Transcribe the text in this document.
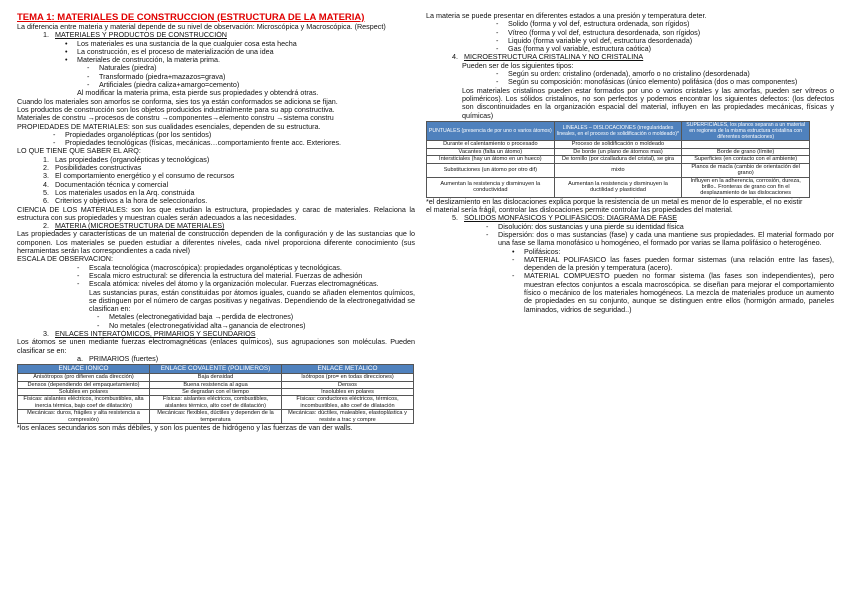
TEMA 1: MATERIALES DE CONSTRUCCION (ESTRUCTURA DE LA MATERIA)
La diferencia entre materia y material depende de su nivel de observación: Microscópica y Macroscópica. (Respect)
1. MATERIALES Y PRODUCTOS DE CONSTRUCCIÓN
• Los materiales es una sustancia de la que cualquier cosa esta hecha
• La construcción, es el proceso de materialización de una idea
• Materiales de construcción, la materia prima.
- Naturales (piedra)
- Transformado (piedra+mazazos=grava)
- Artificiales (piedra caliza+amargo=cemento)
Al modificar la materia prima, esta pierde sus propiedades y obtendrá otras.
Cuando los materiales son amorfos se conforma, sies tos ya están conformados se adiciona se fijan.
Los productos de construcción son los objetos producidos industrialmente para su app constructiva.
Materiales de constru →procesos de constru →componentes→elemento constru →sistema constru
PROPIEDADES DE MATERIALES: son sus cualidades esenciales, dependen de su estructura.
- Propiedades organolépticas (por los sentidos)
- Propiedades tecnológicas (físicas, mecánicas…comportamiento frente acc. Exteriores.
LO QUE TIENE QUE SABER EL ARQ:
1. Las propiedades (organolépticas y tecnológicas)
2. Posibilidades constructivas
3. El comportamiento energético y el consumo de recursos
4. Documentación técnica y comercial
5. Los materiales usados en la Arq. construida
6. Criterios y objetivos a la hora de seleccionarlos.
CIENCIA DE LOS MATERIALES: son los que estudian la estructura, propiedades y carac de materiales. Relaciona la estructura con sus propiedades y muestran cuales serán adecuados a las necesidades.
2. MATERIA (MICROESTRUCTURA DE MATERIALES)
Las propiedades y características de un material de construcción dependen de la configuración y de las sustancias que lo componen. Los materiales se pueden estudiar a diferentes niveles, cada nivel proporciona diferente conocimiento (sus herramientas serán las correspondientes a cada nivel)
ESCALA DE OBSERVACION:
- Escala tecnológica (macroscópica): propiedades organolépticas y tecnológicas.
- Escala micro estructural: se diferencia la estructura del material. Fuerzas de adhesión
- Escala atómica: niveles del átomo y la organización molecular. Fuerzas electromagnéticas.
Las sustancias puras, están constituidas por átomos iguales, cuando se añaden elementos químicos, se distinguen por el número de cargas positivas y negativas. Dependiendo de la electronegatividad se clasifican en:
- Metales (electronegatividad baja →perdida de electrones)
- No metales (electronegatividad alta→ganancia de electrones)
3. ENLACES INTERATÓMICOS, PRIMARIOS Y SECUNDARIOS
Los átomos se unen mediante fuerzas electromagnéticas (enlaces químicos), sus agrupaciones son moléculas. Pueden clasificar se en:
a. PRIMARIOS (fuertes)
ENLACE IÓNICO	ENLACE COVALENTE (POLIMEROS)	ENLACE METÁLICO
Anisótropos (pro difieren cada dirección)	Baja densidad	Isótropos (pro= en todas direcciones)
Densos (dependiendo del empaquetamiento)	Buena resistencia al agua	Densos
Solubles en polares	Se degradan con el tiempo	Insolubles en polares
Físicas: aislantes eléctricos, incombustibles, alta inercia térmica, bajo coef de dilatación)	Físicas: aislantes eléctricos, combustibles, aislantes térmico, alto coef de dilatación)	Físicas: conductores eléctricos, térmicos, incombustibles, alto coef de dilatación
Mecánicas: duros, frágiles y alta resistencia a compresión)	Mecánicas: flexibles, dúctiles y dependen de la temperatura	Mecánicas: dúctiles, maleables, elastoplástica y resiste a trac y compre
*los enlaces secundarios son más débiles, y son los puentes de hidrógeno y las fuerzas de van der walls.
La materia se puede presentar en diferentes estados a una presión y temperatura deter.
- Solido (forma y vol def, estructura ordenada, son rígidos)
- Vítreo (forma y vol def, estructura desordenada, son rígidos)
- Liquido (forma variable y vol def, estructura desordenada)
- Gas (forma y vol variable, estructura caótica)
4. MICROESTRUCTURA CRISTALINA Y NO CRISTALINA
Pueden ser de los siguientes tipos:
- Según su orden: cristalino (ordenada), amorfo o no cristalino (desordenada)
- Según su composición: monofásicas (único elemento) polifásica (dos o mas componentes)
Los materiales cristalinos pueden estar formados por uno o varios cristales y las amorfas, pueden ser vítreos o poliméricos). Los sólidos cristalinos, no son perfectos y podemos encontrar los siguientes defectos: (los defectos son discontinuidades en la organización espacial del material, influyen en las propiedades mecánicas, físicas y químicas)
PUNTUALES (presencia de por uno o varios átomos)	LINEALES – DISLOCACIONES (irregularidades lineales, en el proceso de solidificación o moldeado)*	SUPERFICIALES, los planos separan a un material en regiones de la misma estructura cristalina con diferentes orientaciones)
Durante el calentamiento o procesado	Proceso de solidificación o moldeado	
Vacantes (falta un átomo)	De borde (un plano de átomos mas)	Borde de grano (límite)
Intersticiales (hay un átomo en un hueco)	De tornillo (por cizalladura del cristal), se gira	Superficies (en contacto con el ambiente)
Substituciones (un átomo por otro dif)	mixto	Planos de macla (cambio de orientación del grano)
Aumentan la resistencia y disminuyen la conductividad	Aumentan la resistencia y disminuyen la ductilidad y plasticidad	Influyen en la adherencia, corrosión, dureza, brillo.. Fronteras de grano con fin el desplazamiento de las dislocaciones
*el deslizamiento en las dislocaciones explica porque la resistencia de un metal es menor de lo esperable, el no existir
el material sería frágil, controlar las dislocaciones permite controlar las propiedades del material.
5. SÓLIDOS MONFÁSICOS Y POLIFÁSICOS: DIAGRAMA DE FASE
- Disolución: dos sustancias y una pierde su identidad física
-	Dispersión: dos o mas sustancias (fase) y cada una mantiene sus propiedades. El material formado por una fase se llama monofásico u homogéneo, el formado por varias se llama polifásico o heterogéneo.
• Polifásicos:
-	MATERIAL POLIFASICO las fases pueden formar sistemas (una relación entre las fases), dependen de la presión y temperatura (acero).
-	MATERIAL COMPUESTO pueden no formar sistema (las fases son independientes), pero muestran efectos conjuntos a escala macroscópica. se diseñan para mejorar el comportamiento físico o mecánico de los materiales homogéneos. La mezcla de materiales produce un aumento de propiedades en su conjunto, aunque se distinguen entre ellos (hormigón armado, paneles laminados, vidrios de seguridad..)
